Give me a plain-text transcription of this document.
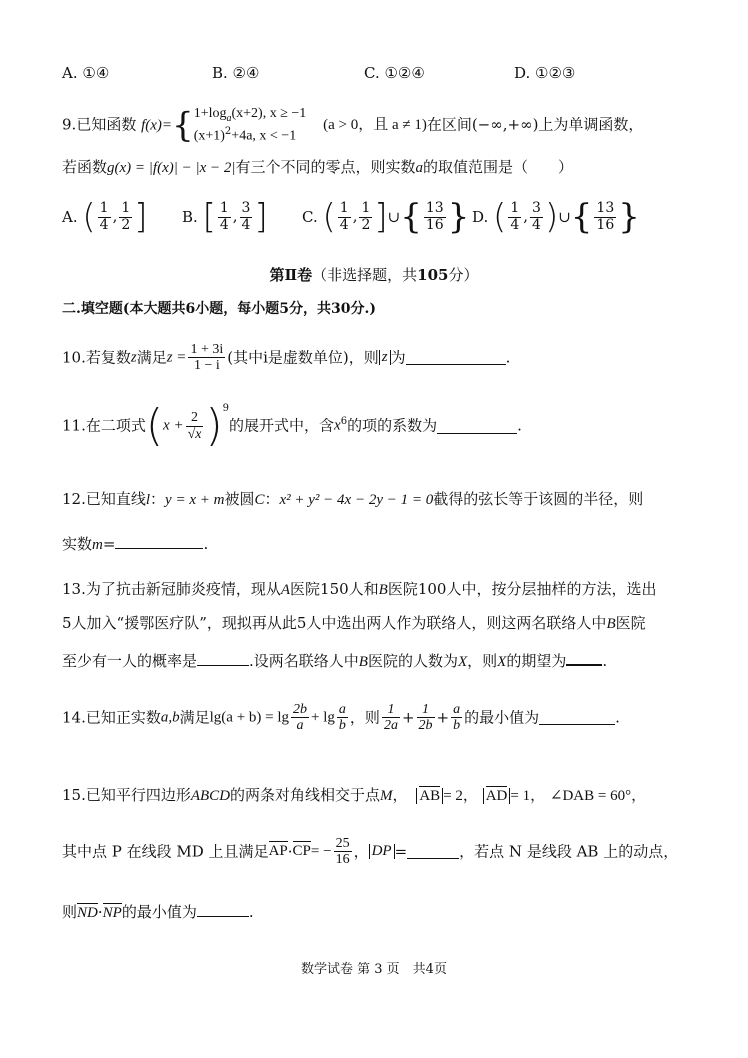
A. ①④	B. ②④	C. ①②④	D. ①②③
9.已知函数 f(x)={ $1+\log_a(x+2)$, x ≥ −1
$(x+1)^2+4a$, x < −1
(a > 0，且 a ≠ 1)在区间(−∞,+∞)上为单调函数，
若函数g(x) = |f(x)| − |x − 2|有三个不同的零点，则实数a的取值范围是（　　）
A. ( $\frac{1}{4}$ , $\frac{1}{2}$ ] B. [ $\frac{1}{4}$ , $\frac{3}{4}$ ] C. ( $\frac{1}{4}$ , $\frac{1}{2}$ ]∪{ $\frac{13}{16}$ } D. ( $\frac{1}{4}$ , $\frac{3}{4}$ )∪{ $\frac{13}{16}$ }
第Ⅱ卷（非选择题，共105分）
二.填空题(本大题共6小题，每小题5分，共30分.)
10.若复数z满足$z = \frac{1 + 3i}{1 - i}$ (其中i是虚数单位)，则 z 为	.
11.在二项式$(x + \frac{2}{√x} )^9$的展开式中，含$x^6$的项的系数为	.
12.已知直线l：y = x + m被圆C：x² + y² − 4x − 2y − 1 = 0截得的弦长等于该圆的半径，则
实数m=	.
13.为了抗击新冠肺炎疫情，现从A医院150人和B医院100人中，按分层抽样的方法，选出
5人加入“援鄂医疗队”，现拟再从此5人中选出两人作为联络人，则这两名联络人中B医院
至少有一人的概率是	.设两名联络人中B医院的人数为X，则X的期望为 .
14.已知正实数a,b满足$\lg(a + b) = \lg \frac{2b}{a} + \lg \frac{a}{b}$ ，则 $\frac{1}{2a} + \frac{1}{2b} + \frac{a}{b}$ 的最小值为	.
15.已知平行四边形ABCD的两条对角线相交于点M， AB = 2， AD = 1， ∠DAB = 60°，
其中点 P 在线段 MD 上且满足$AP\cdot CP= - \frac{25}{16}$ ， DP =	，若点 N 是线段 AB 上的动点，
则ND·NP的最小值为	.
数学试卷 第 3 页　共4页
